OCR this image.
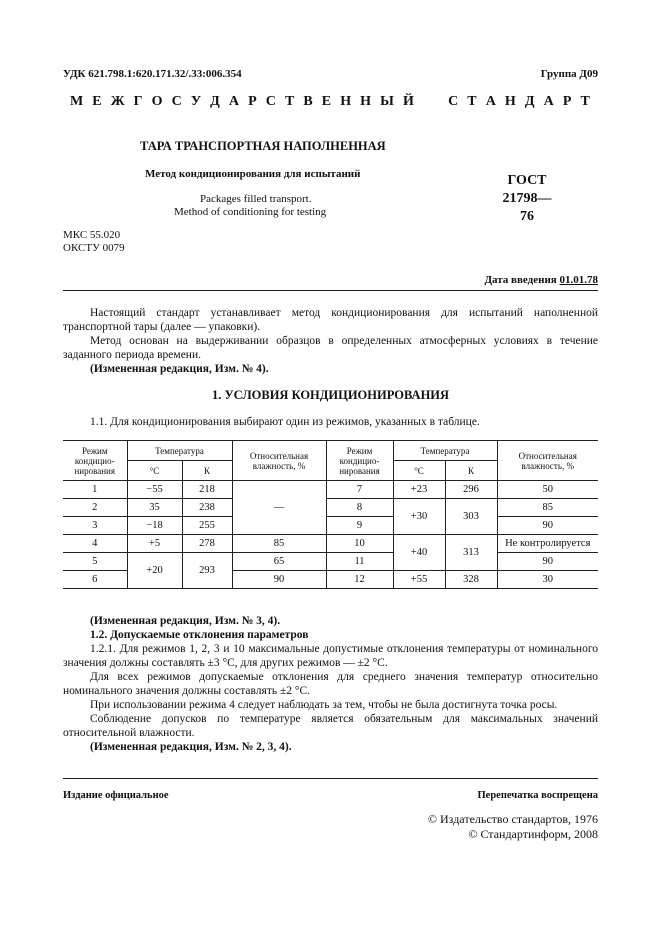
УДК 621.798.1:620.171.32/.33:006.354	Группа Д09
М Е Ж Г О С У Д А Р С Т В Е Н Н Ы Й

С Т А Н Д А Р Т
ТАРА ТРАНСПОРТНАЯ НАПОЛНЕННАЯ
Метод кондиционирования для испытаний
Packages filled transport.
Method of conditioning for testing
ГОСТ
21798—76
МКС 55.020
ОКСТУ 0079
Дата введения 01.01.78

Настоящий стандарт устанавливает метод кондиционирования для испытаний наполненной транспортной тары (далее — упаковки).

Метод основан на выдерживании образцов в определенных атмосферных условиях в течение заданного периода времени.

(Измененная редакция, Изм. № 4).

1. УСЛОВИЯ КОНДИЦИОНИРОВАНИЯ

1.1. Для кондиционирования выбирают один из режимов, указанных в таблице.

Режим кондицио-нирования	Температура		Относительная влажность, %	Режим кондицио-нирования	Температура		Относительная влажность, %
	°С	К			°С	К	
1	−55	218	—	7	+23	296	50
2	35	238		8	+30	303	85
3	−18	255		9			90
4	+5	278	85	10	+40	313	Не контролируется
5	+20	293	65	11			90
6			90	12	+55	328	30

(Измененная редакция, Изм. № 3, 4).

1.2. Допускаемые отклонения параметров

1.2.1. Для режимов 1, 2, 3 и 10 максимальные допустимые отклонения температуры от номинального значения должны составлять ±3 °С, для других режимов — ±2 °С.

Для всех режимов допускаемые отклонения для среднего значения температур относительно номинального значения должны составлять ±2 °С.

При использовании режима 4 следует наблюдать за тем, чтобы не была достигнута точка росы.

Соблюдение допусков по температуре является обязательным для максимальных значений относительной влажности.

(Измененная редакция, Изм. № 2, 3, 4).

Издание официальное	Перепечатка воспрещена
© Издательство стандартов, 1976
© Стандартинформ, 2008
